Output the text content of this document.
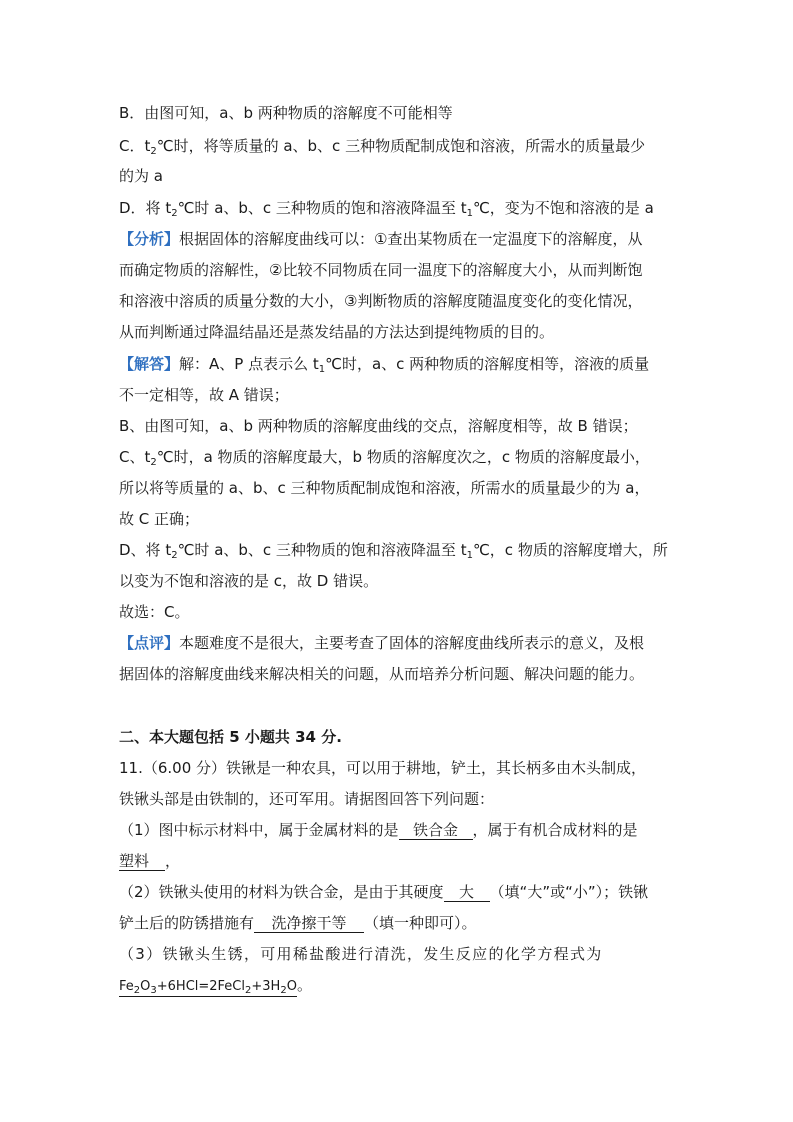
B．由图可知，a、b 两种物质的溶解度不可能相等
C．$t_2℃$时，将等质量的 a、b、c 三种物质配制成饱和溶液，所需水的质量最少
的为 a
D．将 $t_2℃$时 a、b、c 三种物质的饱和溶液降温至 $t_1℃$，变为不饱和溶液的是 a
【分析】根据固体的溶解度曲线可以：①查出某物质在一定温度下的溶解度，从
而确定物质的溶解性，②比较不同物质在同一温度下的溶解度大小，从而判断饱
和溶液中溶质的质量分数的大小，③判断物质的溶解度随温度变化的变化情况，
从而判断通过降温结晶还是蒸发结晶的方法达到提纯物质的目的。
【解答】解：A、P 点表示么 $t_1℃$时，a、c 两种物质的溶解度相等，溶液的质量
不一定相等，故 A 错误；
B、由图可知，a、b 两种物质的溶解度曲线的交点，溶解度相等，故 B 错误；
C、$t_2℃$时，a 物质的溶解度最大，b 物质的溶解度次之，c 物质的溶解度最小，
所以将等质量的 a、b、c 三种物质配制成饱和溶液，所需水的质量最少的为 a，
故 C 正确；
D、将 $t_2℃$时 a、b、c 三种物质的饱和溶液降温至 $t_1℃$，c 物质的溶解度增大，所
以变为不饱和溶液的是 c，故 D 错误。
故选：C。
【点评】本题难度不是很大，主要考查了固体的溶解度曲线所表示的意义，及根
据固体的溶解度曲线来解决相关的问题，从而培养分析问题、解决问题的能力。
二、本大题包括 5 小题共 34 分.
11.（6.00 分）铁锹是一种农具，可以用于耕地，铲土，其长柄多由木头制成，
铁锹头部是由铁制的，还可军用。请据图回答下列问题：
（1）图中标示材料中，属于金属材料的是 铁合金 ，属于有机合成材料的是
塑料 ，
（2）铁锹头使用的材料为铁合金，是由于其硬度 大 （填“大”或“小”）；铁锹
铲土后的防锈措施有 洗净擦干等 （填一种即可）。
（3）铁锹头生锈，可用稀盐酸进行清洗，发生反应的化学方程式为
$Fe_2O_3+6HCl=2FeCl_2+3H_2O$。
